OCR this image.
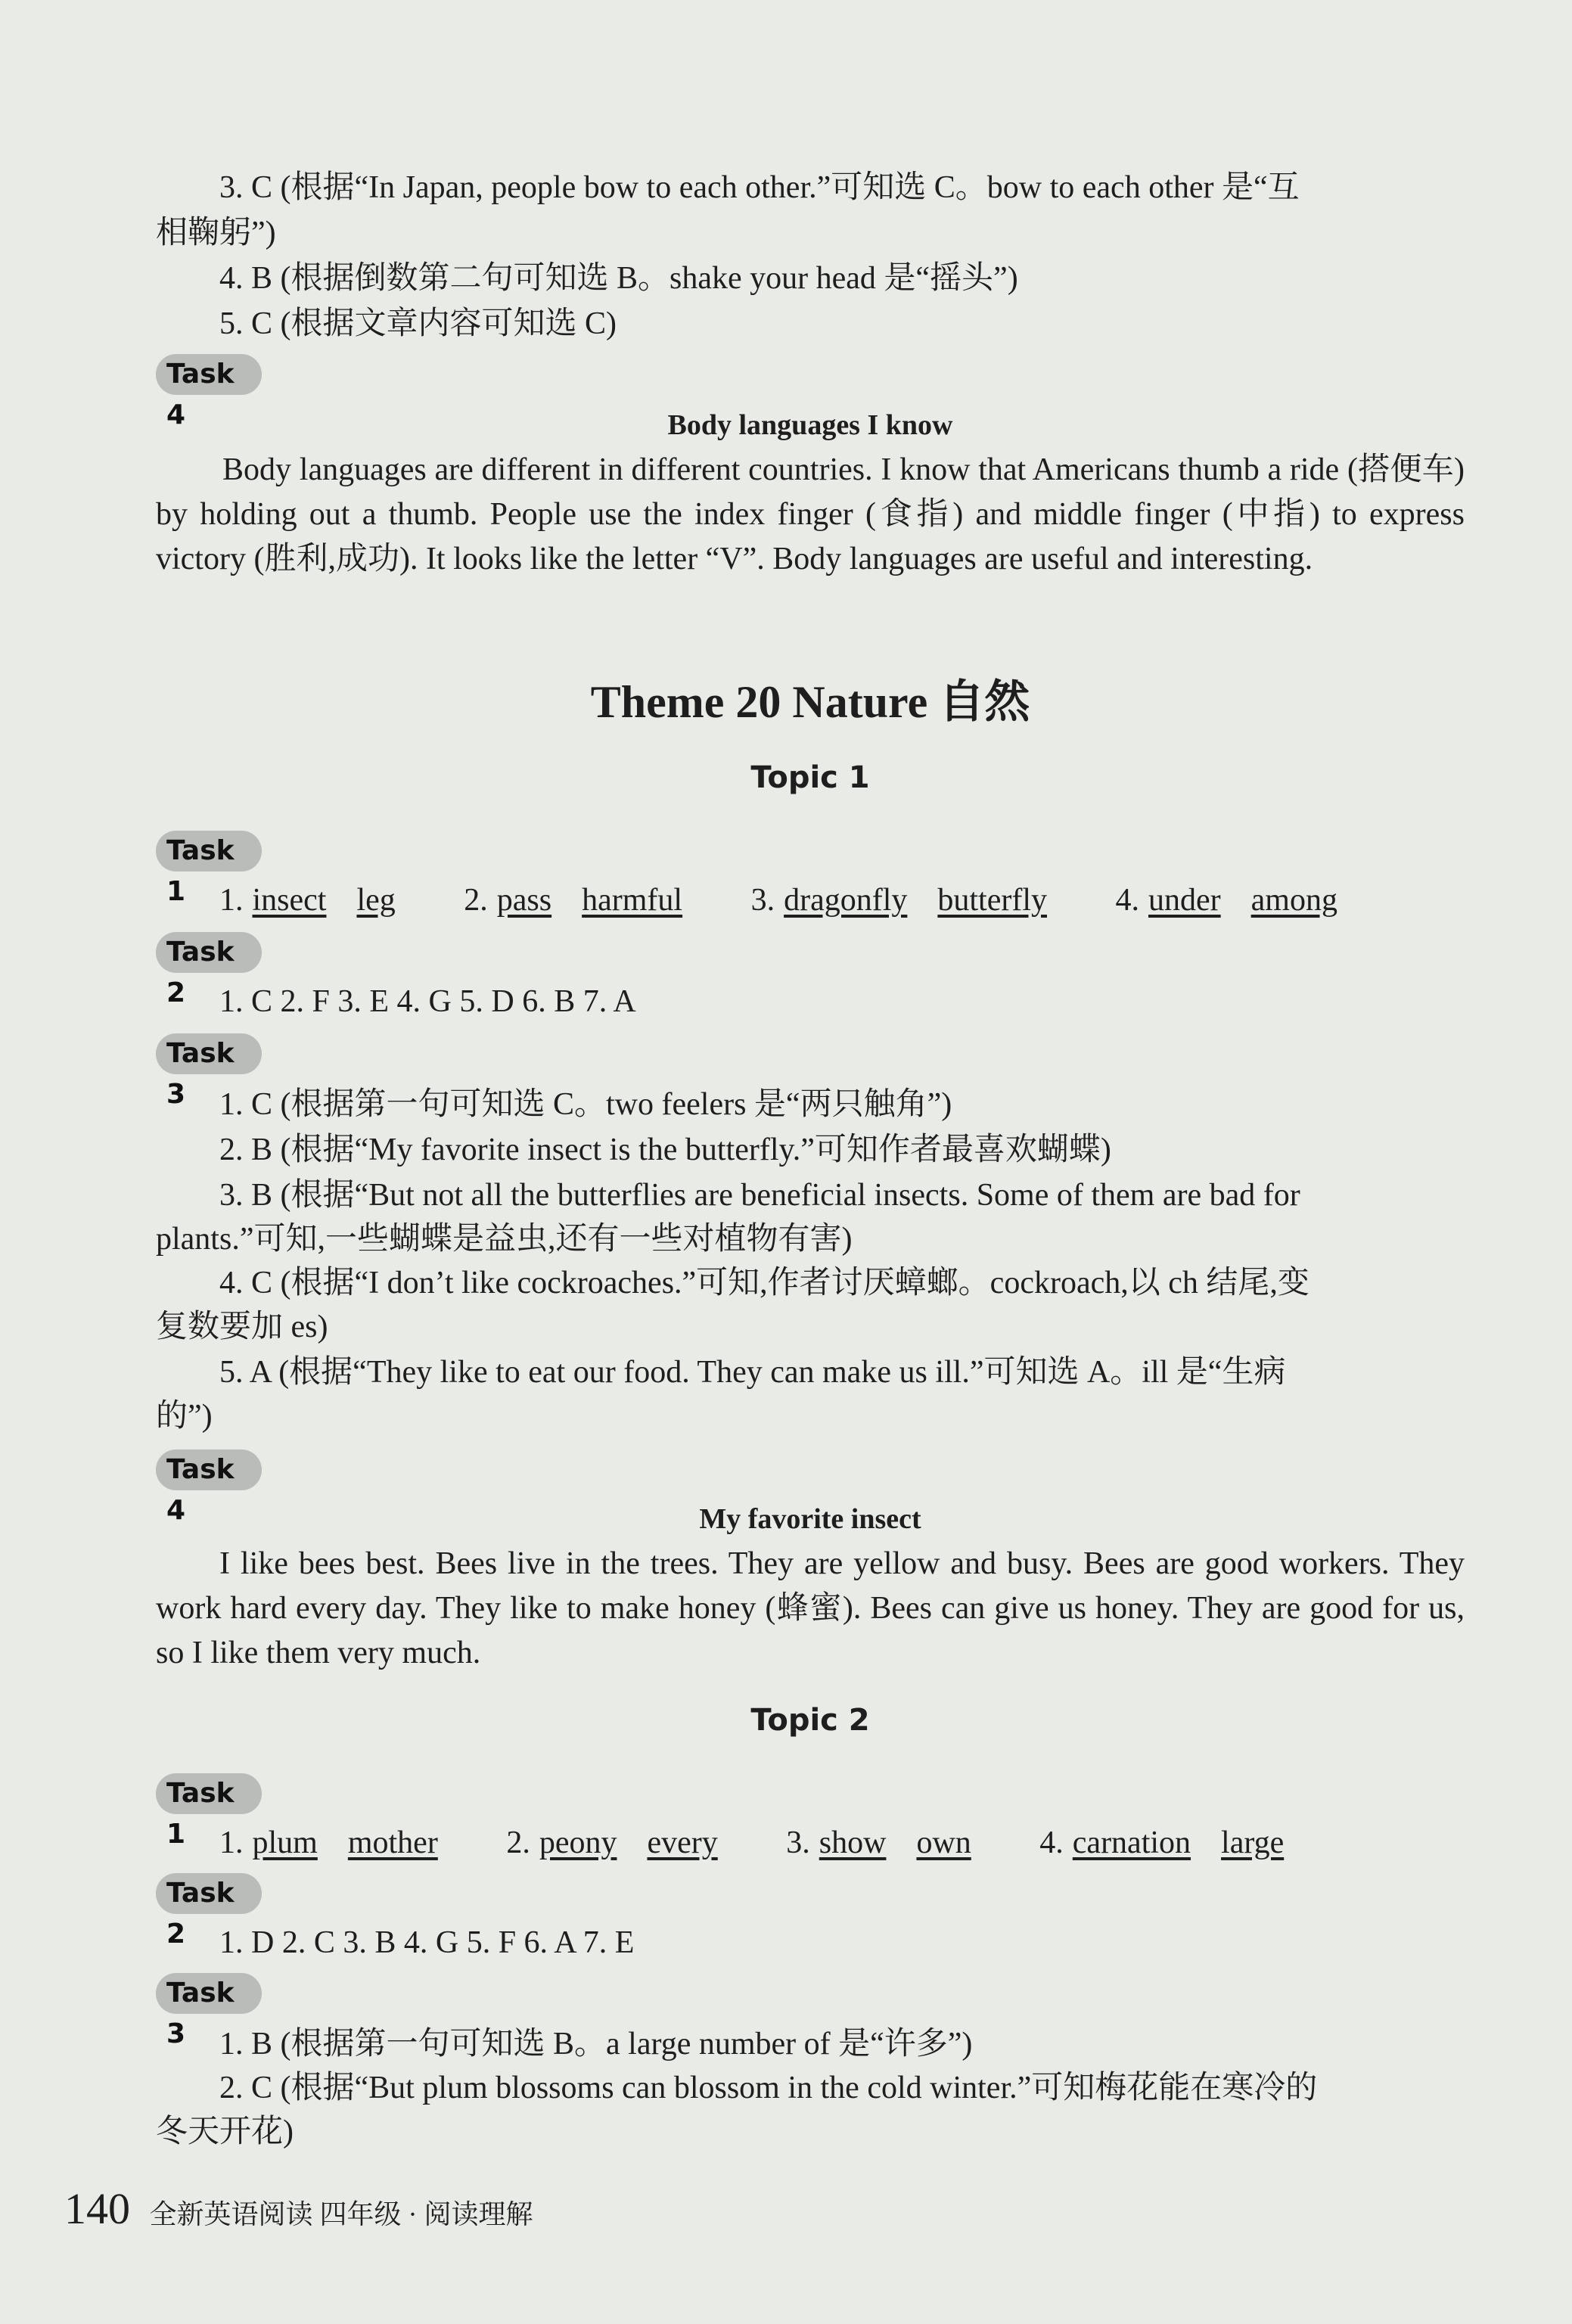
3. C (根据“In Japan, people bow to each other.”可知选 C。bow to each other 是“互
相鞠躬”)
4. B (根据倒数第二句可知选 B。shake your head 是“摇头”)
5. C (根据文章内容可知选 C)
Task 4	Body languages I know
Body languages are different in different countries. I know that Americans thumb a ride (搭便车) by holding out a thumb. People use the index finger (食指) and middle finger (中指) to express victory (胜利,成功). It looks like the letter “V”. Body languages are useful and interesting.
Theme 20 Nature 自然
Topic 1
Task 1	1. insect leg 2. pass harmful 3. dragonfly butterfly 4. under among
Task 2	1. C 2. F 3. E 4. G 5. D 6. B 7. A
Task 3	1. C (根据第一句可知选 C。two feelers 是“两只触角”)
2. B (根据“My favorite insect is the butterfly.”可知作者最喜欢蝴蝶)
3. B (根据“But not all the butterflies are beneficial insects. Some of them are bad for
plants.”可知,一些蝴蝶是益虫,还有一些对植物有害)
4. C (根据“I don’t like cockroaches.”可知,作者讨厌蟑螂。cockroach,以 ch 结尾,变
复数要加 es)
5. A (根据“They like to eat our food. They can make us ill.”可知选 A。ill 是“生病
的”)
Task 4	My favorite insect
I like bees best. Bees live in the trees. They are yellow and busy. Bees are good workers. They work hard every day. They like to make honey (蜂蜜). Bees can give us honey. They are good for us, so I like them very much.
Topic 2
Task 1	1. plum mother 2. peony every 3. show own 4. carnation large
Task 2	1. D 2. C 3. B 4. G 5. F 6. A 7. E
Task 3	1. B (根据第一句可知选 B。a large number of 是“许多”)
2. C (根据“But plum blossoms can blossom in the cold winter.”可知梅花能在寒冷的
冬天开花)
140 全新英语阅读 四年级 · 阅读理解
